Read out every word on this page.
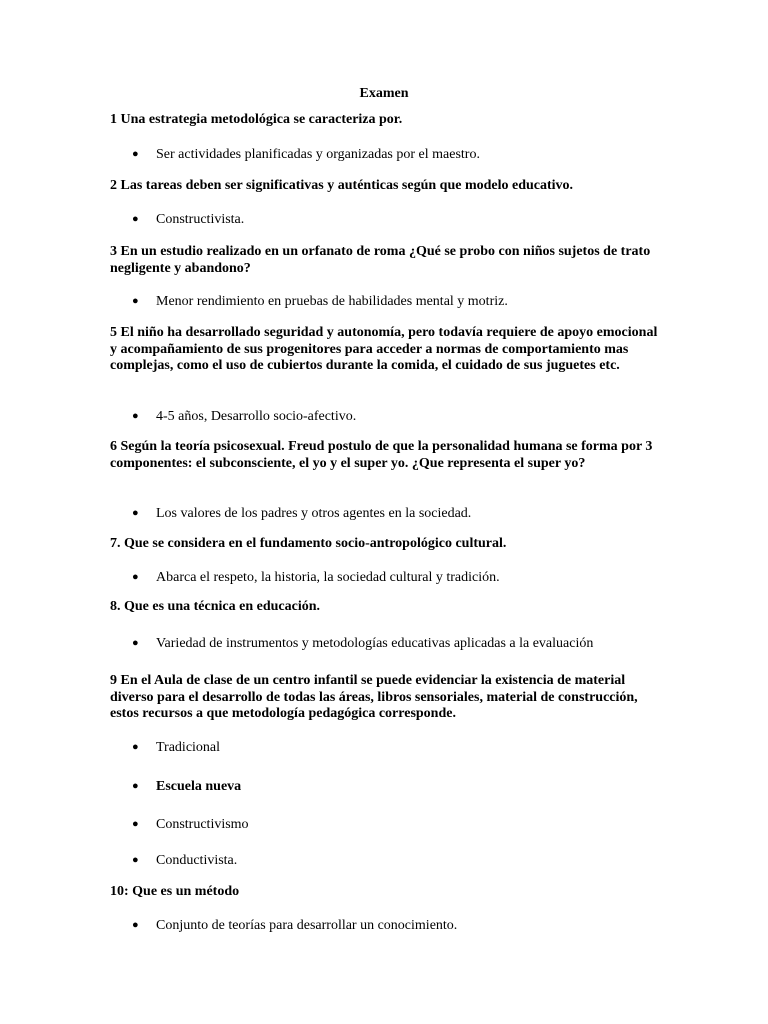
Examen
1 Una estrategia metodológica se caracteriza por.
● Ser actividades planificadas y organizadas por el maestro.
2 Las tareas deben ser significativas y auténticas según que modelo educativo.
● Constructivista.
3 En un estudio realizado en un orfanato de roma ¿Qué se probo con niños sujetos de trato negligente y abandono?
● Menor rendimiento en pruebas de habilidades mental y motriz.
5 El niño ha desarrollado seguridad y autonomía, pero todavía requiere de apoyo emocional y acompañamiento de sus progenitores para acceder a normas de comportamiento mas complejas, como el uso de cubiertos durante la comida, el cuidado de sus juguetes etc.
● 4-5 años, Desarrollo socio-afectivo.
6 Según la teoría psicosexual. Freud postulo de que la personalidad humana se forma por 3 componentes: el subconsciente, el yo y el super yo. ¿Que representa el super yo?
● Los valores de los padres y otros agentes en la sociedad.
7. Que se considera en el fundamento socio-antropológico cultural.
● Abarca el respeto, la historia, la sociedad cultural y tradición.
8. Que es una técnica en educación.
● Variedad de instrumentos y metodologías educativas aplicadas a la evaluación
9 En el Aula de clase de un centro infantil se puede evidenciar la existencia de material diverso para el desarrollo de todas las áreas, libros sensoriales, material de construcción, estos recursos a que metodología pedagógica corresponde.
● Tradicional
● Escuela nueva
● Constructivismo
● Conductivista.
10: Que es un método
● Conjunto de teorías para desarrollar un conocimiento.
